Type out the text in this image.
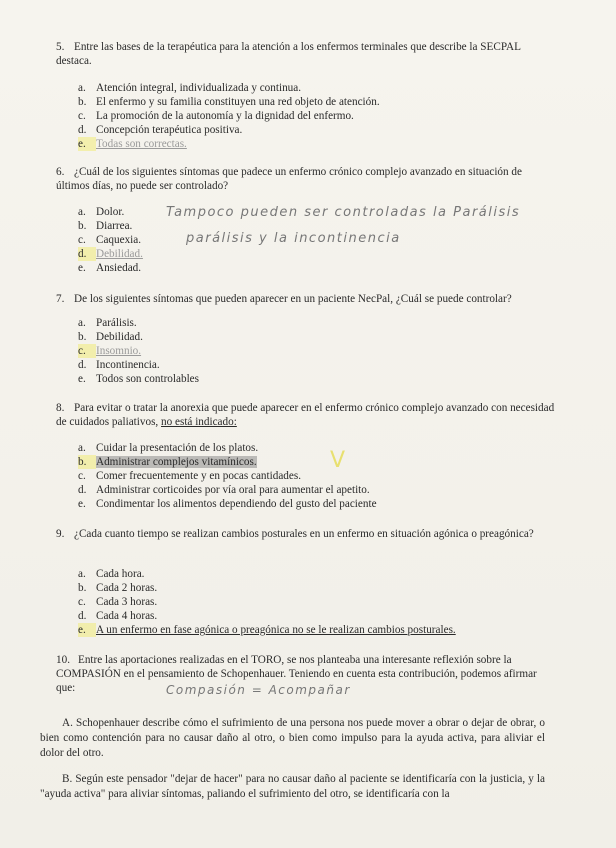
5. Entre las bases de la terapéutica para la atención a los enfermos terminales que describe la SECPAL destaca.
a. Atención integral, individualizada y continua.
b. El enfermo y su familia constituyen una red objeto de atención.
c. La promoción de la autonomía y la dignidad del enfermo.
d. Concepción terapéutica positiva.
e. Todas son correctas.
6. ¿Cuál de los siguientes síntomas que padece un enfermo crónico complejo avanzado en situación de últimos días, no puede ser controlado?
a. Dolor.
b. Diarrea.
c. Caquexia.
d. Debilidad.
e. Ansiedad.
Tampoco pueden ser controladas la Parálisis
parálisis y la incontinencia
7. De los siguientes síntomas que pueden aparecer en un paciente NecPal, ¿Cuál se puede controlar?
a. Parálisis.
b. Debilidad.
c. Insomnio.
d. Incontinencia.
e. Todos son controlables
8. Para evitar o tratar la anorexia que puede aparecer en el enfermo crónico complejo avanzado con necesidad de cuidados paliativos, no está indicado:
V
a. Cuidar la presentación de los platos.
b. Administrar complejos vitamínicos.
c. Comer frecuentemente y en pocas cantidades.
d. Administrar corticoides por vía oral para aumentar el apetito.
e. Condimentar los alimentos dependiendo del gusto del paciente
9. ¿Cada cuanto tiempo se realizan cambios posturales en un enfermo en situación agónica o preagónica?
a. Cada hora.
b. Cada 2 horas.
c. Cada 3 horas.
d. Cada 4 horas.
e. A un enfermo en fase agónica o preagónica no se le realizan cambios posturales.
10. Entre las aportaciones realizadas en el TORO, se nos planteaba una interesante reflexión sobre la COMPASIÓN en el pensamiento de Schopenhauer. Teniendo en cuenta esta contribución, podemos afirmar que:	Compasión = Acompañar
A. Schopenhauer describe cómo el sufrimiento de una persona nos puede mover a obrar o dejar de obrar, o bien como contención para no causar daño al otro, o bien como impulso para la ayuda activa, para aliviar el dolor del otro.
B. Según este pensador "dejar de hacer" para no causar daño al paciente se identificaría con la justicia, y la "ayuda activa" para aliviar síntomas, paliando el sufrimiento del otro, se identificaría con la
